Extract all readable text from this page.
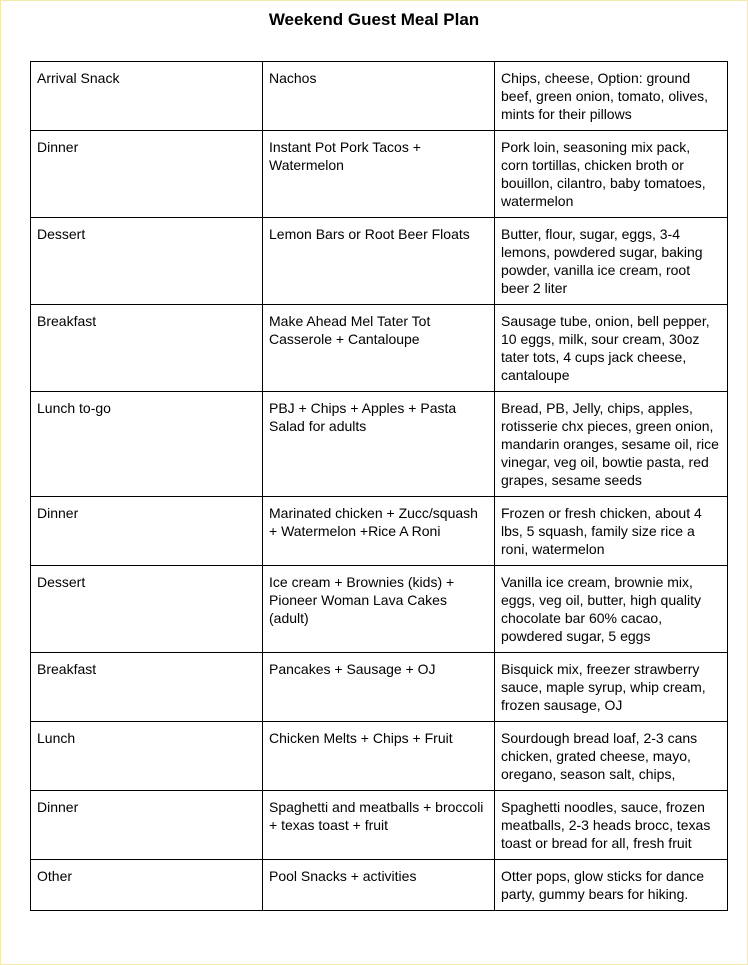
Weekend Guest Meal Plan
Arrival Snack	Nachos	Chips, cheese, Option: ground beef, green onion, tomato, olives, mints for their pillows
Dinner	Instant Pot Pork Tacos + Watermelon	Pork loin, seasoning mix pack, corn tortillas, chicken broth or bouillon, cilantro, baby tomatoes, watermelon
Dessert	Lemon Bars or Root Beer Floats	Butter, flour, sugar, eggs, 3-4 lemons, powdered sugar, baking powder, vanilla ice cream, root beer 2 liter
Breakfast	Make Ahead Mel Tater Tot Casserole + Cantaloupe	Sausage tube, onion, bell pepper, 10 eggs, milk, sour cream, 30oz tater tots, 4 cups jack cheese, cantaloupe
Lunch to-go	PBJ + Chips + Apples + Pasta Salad for adults	Bread, PB, Jelly, chips, apples, rotisserie chx pieces, green onion, mandarin oranges, sesame oil, rice vinegar, veg oil, bowtie pasta, red grapes, sesame seeds
Dinner	Marinated chicken + Zucc/squash + Watermelon +Rice A Roni	Frozen or fresh chicken, about 4 lbs, 5 squash, family size rice a roni, watermelon
Dessert	Ice cream + Brownies (kids) + Pioneer Woman Lava Cakes (adult)	Vanilla ice cream, brownie mix, eggs, veg oil, butter, high quality chocolate bar 60% cacao, powdered sugar, 5 eggs
Breakfast	Pancakes + Sausage + OJ	Bisquick mix, freezer strawberry sauce, maple syrup, whip cream, frozen sausage, OJ
Lunch	Chicken Melts + Chips + Fruit	Sourdough bread loaf, 2-3 cans chicken, grated cheese, mayo, oregano, season salt, chips,
Dinner	Spaghetti and meatballs + broccoli + texas toast + fruit	Spaghetti noodles, sauce, frozen meatballs, 2-3 heads brocc, texas toast or bread for all, fresh fruit
Other	Pool Snacks + activities	Otter pops, glow sticks for dance party, gummy bears for hiking.
